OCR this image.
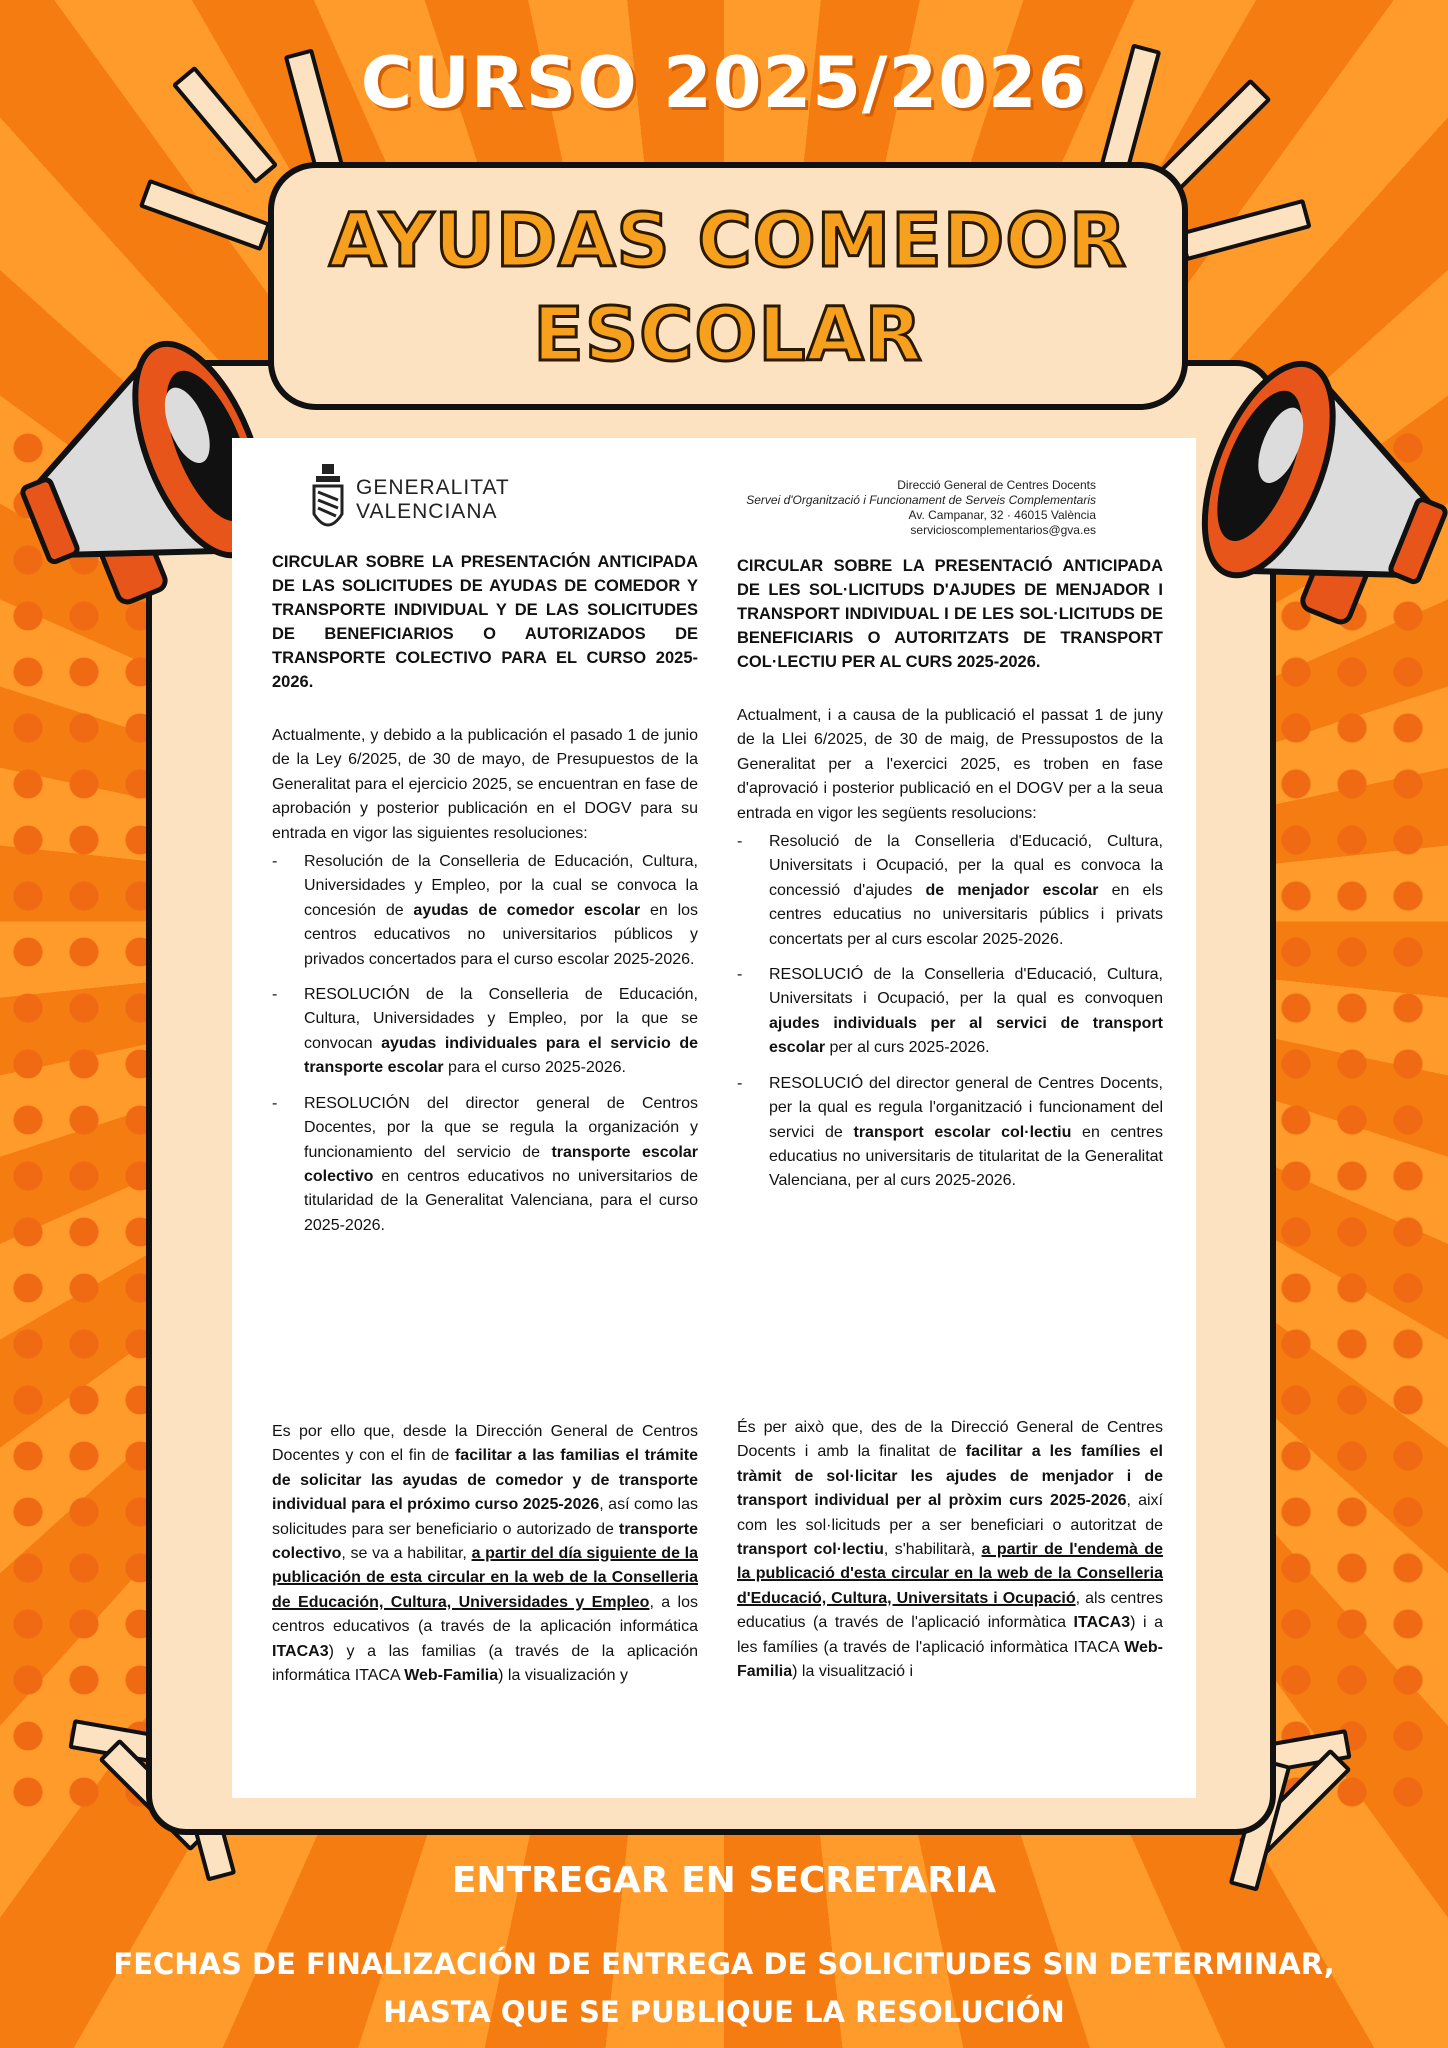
CURSO 2025/2026
AYUDAS COMEDOR
ESCOLAR
GENERALITAT
VALENCIANA
Direcció General de Centres Docents
Servei d'Organització i Funcionament de Serveis Complementaris
Av. Campanar, 32 · 46015 València
servicioscomplementarios@gva.es

CIRCULAR SOBRE LA PRESENTACIÓN ANTICIPADA DE LAS SOLICITUDES DE AYUDAS DE COMEDOR Y TRANSPORTE INDIVIDUAL Y DE LAS SOLICITUDES DE BENEFICIARIOS O AUTORIZADOS DE TRANSPORTE COLECTIVO PARA EL CURSO 2025-2026.

Actualmente, y debido a la publicación el pasado 1 de junio de la Ley 6/2025, de 30 de mayo, de Presupuestos de la Generalitat para el ejercicio 2025, se encuentran en fase de aprobación y posterior publicación en el DOGV para su entrada en vigor las siguientes resoluciones:

- Resolución de la Conselleria de Educación, Cultura, Universidades y Empleo, por la cual se convoca la concesión de ayudas de comedor escolar en los centros educativos no universitarios públicos y privados concertados para el curso escolar 2025-2026.
- RESOLUCIÓN de la Conselleria de Educación, Cultura, Universidades y Empleo, por la que se convocan ayudas individuales para el servicio de transporte escolar para el curso 2025-2026.
- RESOLUCIÓN del director general de Centros Docentes, por la que se regula la organización y funcionamiento del servicio de transporte escolar colectivo en centros educativos no universitarios de titularidad de la Generalitat Valenciana, para el curso 2025-2026.

Es por ello que, desde la Dirección General de Centros Docentes y con el fin de facilitar a las familias el trámite de solicitar las ayudas de comedor y de transporte individual para el próximo curso 2025-2026, así como las solicitudes para ser beneficiario o autorizado de transporte colectivo, se va a habilitar, a partir del día siguiente de la publicación de esta circular en la web de la Conselleria de Educación, Cultura, Universidades y Empleo, a los centros educativos (a través de la aplicación informática ITACA3) y a las familias (a través de la aplicación informática ITACA Web-Familia) la visualización y

CIRCULAR SOBRE LA PRESENTACIÓ ANTICIPADA DE LES SOL·LICITUDS D'AJUDES DE MENJADOR I TRANSPORT INDIVIDUAL I DE LES SOL·LICITUDS DE BENEFICIARIS O AUTORITZATS DE TRANSPORT COL·LECTIU PER AL CURS 2025-2026.

Actualment, i a causa de la publicació el passat 1 de juny de la Llei 6/2025, de 30 de maig, de Pressupostos de la Generalitat per a l'exercici 2025, es troben en fase d'aprovació i posterior publicació en el DOGV per a la seua entrada en vigor les següents resolucions:

- Resolució de la Conselleria d'Educació, Cultura, Universitats i Ocupació, per la qual es convoca la concessió d'ajudes de menjador escolar en els centres educatius no universitaris públics i privats concertats per al curs escolar 2025-2026.
- RESOLUCIÓ de la Conselleria d'Educació, Cultura, Universitats i Ocupació, per la qual es convoquen ajudes individuals per al servici de transport escolar per al curs 2025-2026.
- RESOLUCIÓ del director general de Centres Docents, per la qual es regula l'organització i funcionament del servici de transport escolar col·lectiu en centres educatius no universitaris de titularitat de la Generalitat Valenciana, per al curs 2025-2026.

És per això que, des de la Direcció General de Centres Docents i amb la finalitat de facilitar a les famílies el tràmit de sol·licitar les ajudes de menjador i de transport individual per al pròxim curs 2025-2026, així com les sol·licituds per a ser beneficiari o autoritzat de transport col·lectiu, s'habilitarà, a partir de l'endemà de la publicació d'esta circular en la web de la Conselleria d'Educació, Cultura, Universitats i Ocupació, als centres educatius (a través de l'aplicació informàtica ITACA3) i a les famílies (a través de l'aplicació informàtica ITACA Web-Familia) la visualització i

ENTREGAR EN SECRETARIA
FECHAS DE FINALIZACIÓN DE ENTREGA DE SOLICITUDES SIN DETERMINAR, HASTA QUE SE PUBLIQUE LA RESOLUCIÓN
